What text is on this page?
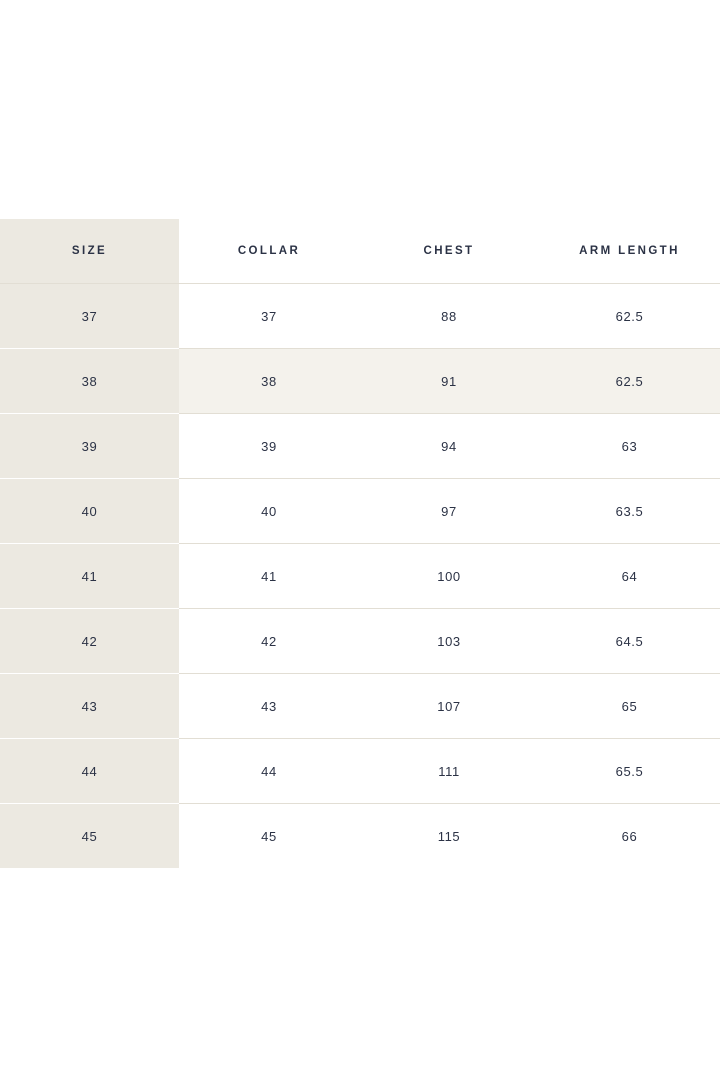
SIZE	COLLAR	CHEST	ARM LENGTH
37	37	88	62.5
38	38	91	62.5
39	39	94	63
40	40	97	63.5
41	41	100	64
42	42	103	64.5
43	43	107	65
44	44	111	65.5
45	45	115	66
